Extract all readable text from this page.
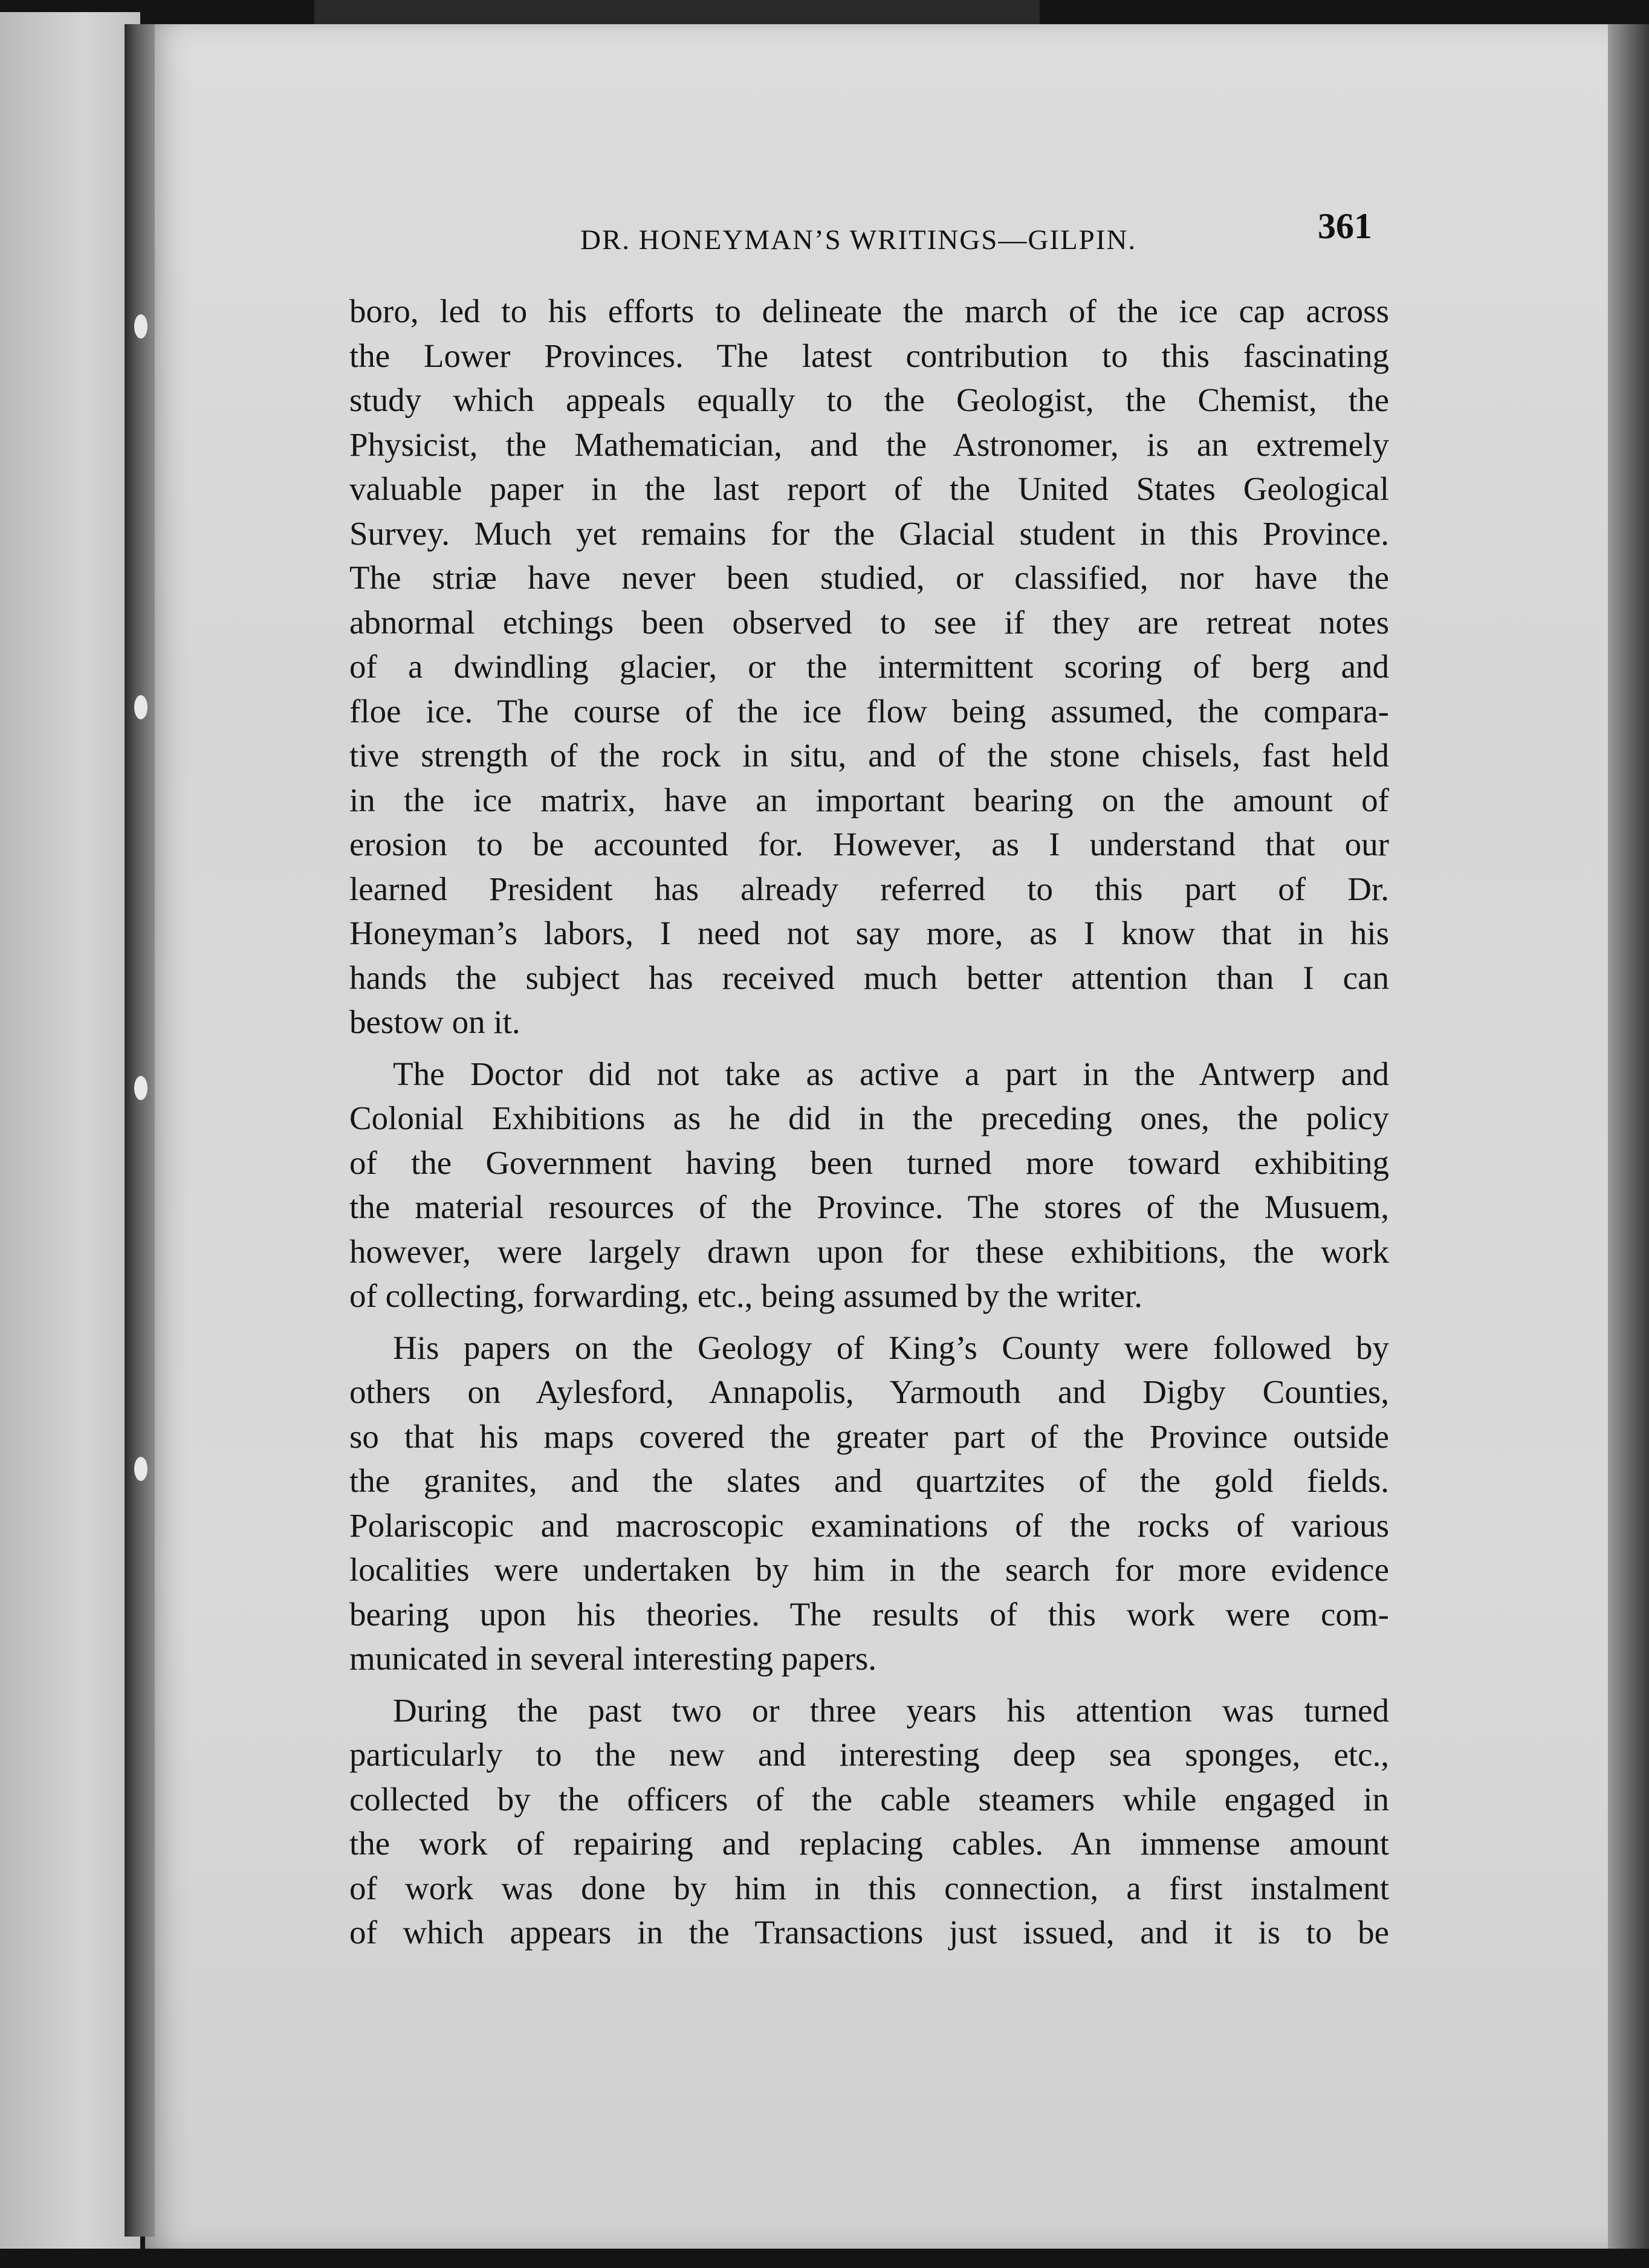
DR. HONEYMAN’S WRITINGS—GILPIN.	361
boro, led to his efforts to delineate the march of the ice cap across
the Lower Provinces. The latest contribution to this fascinating
study which appeals equally to the Geologist, the Chemist, the
Physicist, the Mathematician, and the Astronomer, is an extremely
valuable paper in the last report of the United States Geological
Survey. Much yet remains for the Glacial student in this Province.
The striæ have never been studied, or classified, nor have the
abnormal etchings been observed to see if they are retreat notes
of a dwindling glacier, or the intermittent scoring of berg and
floe ice. The course of the ice flow being assumed, the compara-
tive strength of the rock in situ, and of the stone chisels, fast held
in the ice matrix, have an important bearing on the amount of
erosion to be accounted for. However, as I understand that our
learned President has already referred to this part of Dr.
Honeyman’s labors, I need not say more, as I know that in his
hands the subject has received much better attention than I can
bestow on it.
The Doctor did not take as active a part in the Antwerp and
Colonial Exhibitions as he did in the preceding ones, the policy
of the Government having been turned more toward exhibiting
the material resources of the Province. The stores of the Musuem,
however, were largely drawn upon for these exhibitions, the work
of collecting, forwarding, etc., being assumed by the writer.
His papers on the Geology of King’s County were followed by
others on Aylesford, Annapolis, Yarmouth and Digby Counties,
so that his maps covered the greater part of the Province outside
the granites, and the slates and quartzites of the gold fields.
Polariscopic and macroscopic examinations of the rocks of various
localities were undertaken by him in the search for more evidence
bearing upon his theories. The results of this work were com-
municated in several interesting papers.
During the past two or three years his attention was turned
particularly to the new and interesting deep sea sponges, etc.,
collected by the officers of the cable steamers while engaged in
the work of repairing and replacing cables. An immense amount
of work was done by him in this connection, a first instalment
of which appears in the Transactions just issued, and it is to be
